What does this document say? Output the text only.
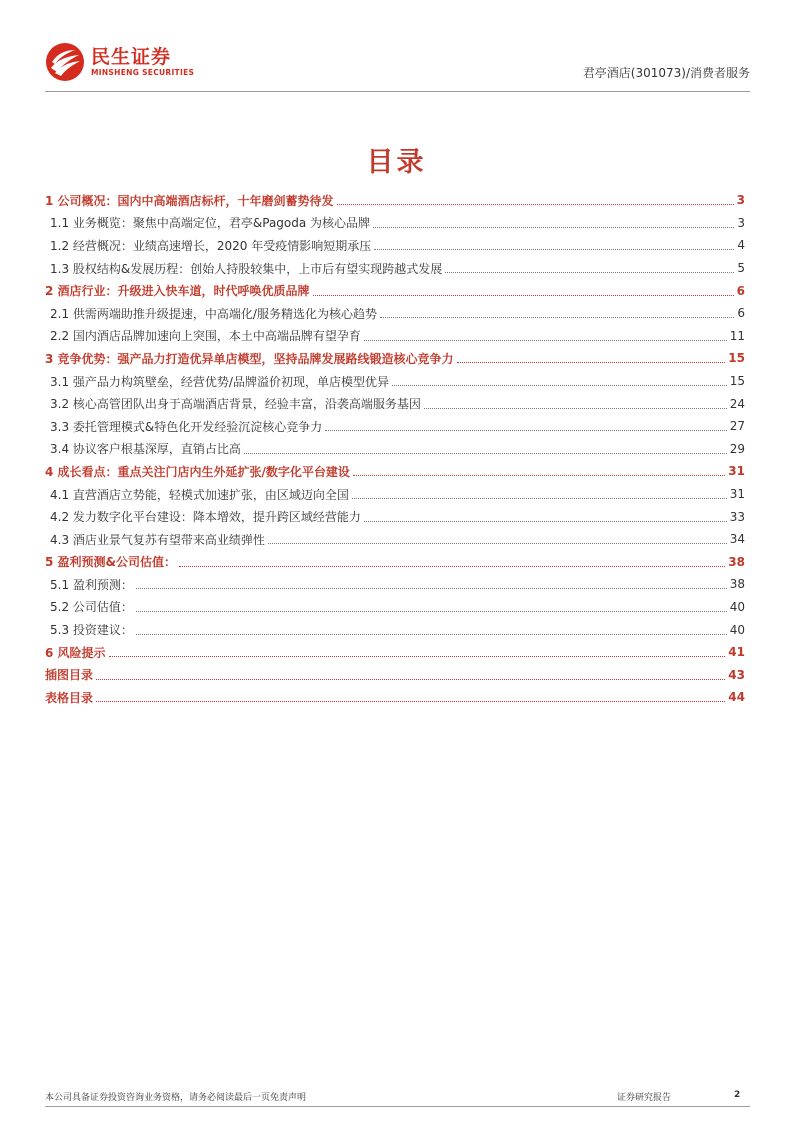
民生证券
MINSHENG SECURITIES	君亭酒店(301073)/消费者服务
目录
1 公司概况：国内中高端酒店标杆，十年磨剑蓄势待发	3
1.1 业务概览：聚焦中高端定位，君亭&Pagoda 为核心品牌	3
1.2 经营概况：业绩高速增长，2020 年受疫情影响短期承压	4
1.3 股权结构&发展历程：创始人持股较集中，上市后有望实现跨越式发展	5
2 酒店行业：升级进入快车道，时代呼唤优质品牌	6
2.1 供需两端助推升级提速，中高端化/服务精选化为核心趋势	6
2.2 国内酒店品牌加速向上突围，本土中高端品牌有望孕育	11
3 竞争优势：强产品力打造优异单店模型，坚持品牌发展路线锻造核心竞争力	15
3.1 强产品力构筑壁垒，经营优势/品牌溢价初现，单店模型优异	15
3.2 核心高管团队出身于高端酒店背景，经验丰富，沿袭高端服务基因	24
3.3 委托管理模式&特色化开发经验沉淀核心竞争力	27
3.4 协议客户根基深厚，直销占比高	29
4 成长看点：重点关注门店内生外延扩张/数字化平台建设	31
4.1 直营酒店立势能，轻模式加速扩张，由区域迈向全国	31
4.2 发力数字化平台建设：降本增效，提升跨区域经营能力	33
4.3 酒店业景气复苏有望带来高业绩弹性	34
5 盈利预测&公司估值：	38
5.1 盈利预测：	38
5.2 公司估值：	40
5.3 投资建议：	40
6 风险提示	41
插图目录	43
表格目录	44
本公司具备证券投资咨询业务资格，请务必阅读最后一页免责声明	证券研究报告	2
